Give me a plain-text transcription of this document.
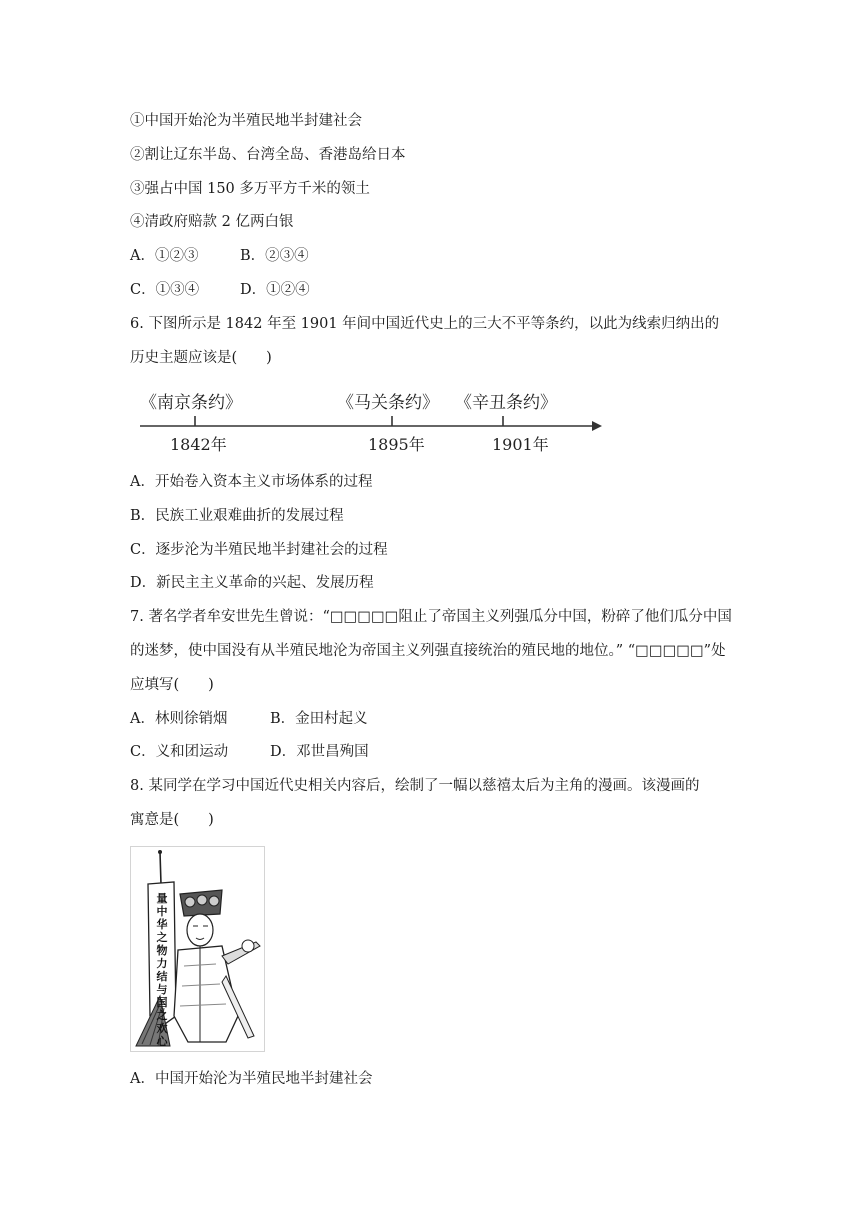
①中国开始沦为半殖民地半封建社会
②割让辽东半岛、台湾全岛、香港岛给日本
③强占中国 150 多万平方千米的领土
④清政府赔款 2 亿两白银
A．①②③	B．②③④
C．①③④	D．①②④
6. 下图所示是 1842 年至 1901 年间中国近代史上的三大不平等条约，以此为线索归纳出的
历史主题应该是(　　)
《南京条约》	《马关条约》 《辛丑条约》
1842年	1895年	1901年
A．开始卷入资本主义市场体系的过程
B．民族工业艰难曲折的发展过程
C．逐步沦为半殖民地半封建社会的过程
D．新民主主义革命的兴起、发展历程
7. 著名学者牟安世先生曾说：“□□□□□阻止了帝国主义列强瓜分中国，粉碎了他们瓜分中国
的迷梦，使中国没有从半殖民地沦为帝国主义列强直接统治的殖民地的地位。” “□□□□□”处
应填写(　　)
A．林则徐销烟	B．金田村起义
C．义和团运动	D．邓世昌殉国
8. 某同学在学习中国近代史相关内容后，绘制了一幅以慈禧太后为主角的漫画。该漫画的
寓意是(　　)
量中华之物力结与国之欢心
A．中国开始沦为半殖民地半封建社会
